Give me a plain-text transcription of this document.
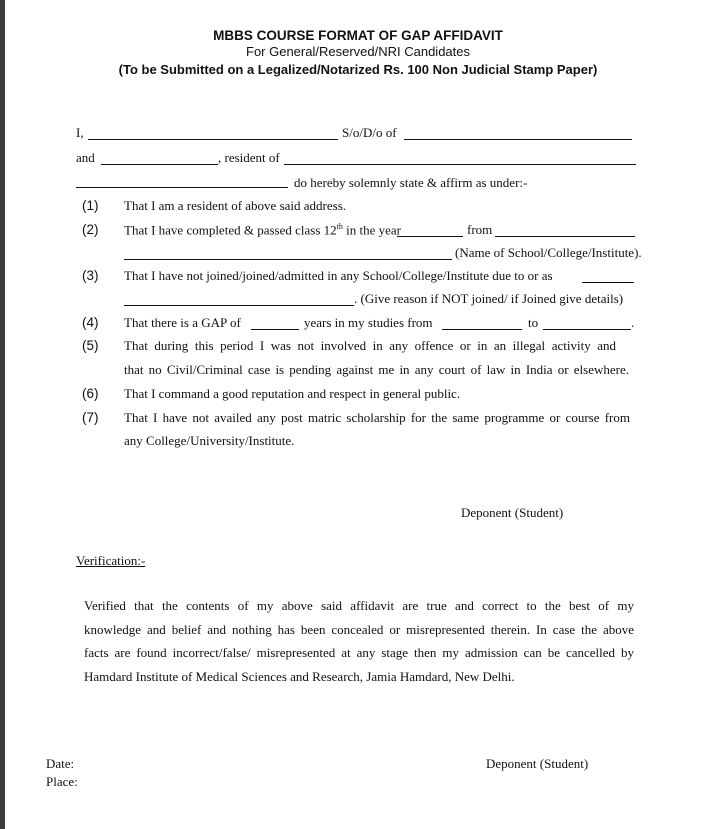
MBBS COURSE FORMAT OF GAP AFFIDAVIT
For General/Reserved/NRI Candidates
(To be Submitted on a Legalized/Notarized Rs. 100 Non Judicial Stamp Paper)
I,	S/o/D/o of
and	, resident of
do hereby solemnly state & affirm as under:-
(1) That I am a resident of above said address.
(2) That I have completed & passed class 12th in the year	from
(Name of School/College/Institute).
(3) That I have not joined/joined/admitted in any School/College/Institute due to or as
. (Give reason if NOT joined/ if Joined give details)
(4) That there is a GAP of	years in my studies from	to	.
(5) That during this period I was not involved in any offence or in an illegal activity and
that no Civil/Criminal case is pending against me in any court of law in India or elsewhere.
(6) That I command a good reputation and respect in general public.
(7) That I have not availed any post matric scholarship for the same programme or course from
any College/University/Institute.
Deponent (Student)
Verification:-
Verified that the contents of my above said affidavit are true and correct to the best of my
knowledge and belief and nothing has been concealed or misrepresented therein. In case the above
facts are found incorrect/false/ misrepresented at any stage then my admission can be cancelled by
Hamdard Institute of Medical Sciences and Research, Jamia Hamdard, New Delhi.
Date:
Place:
Deponent (Student)
